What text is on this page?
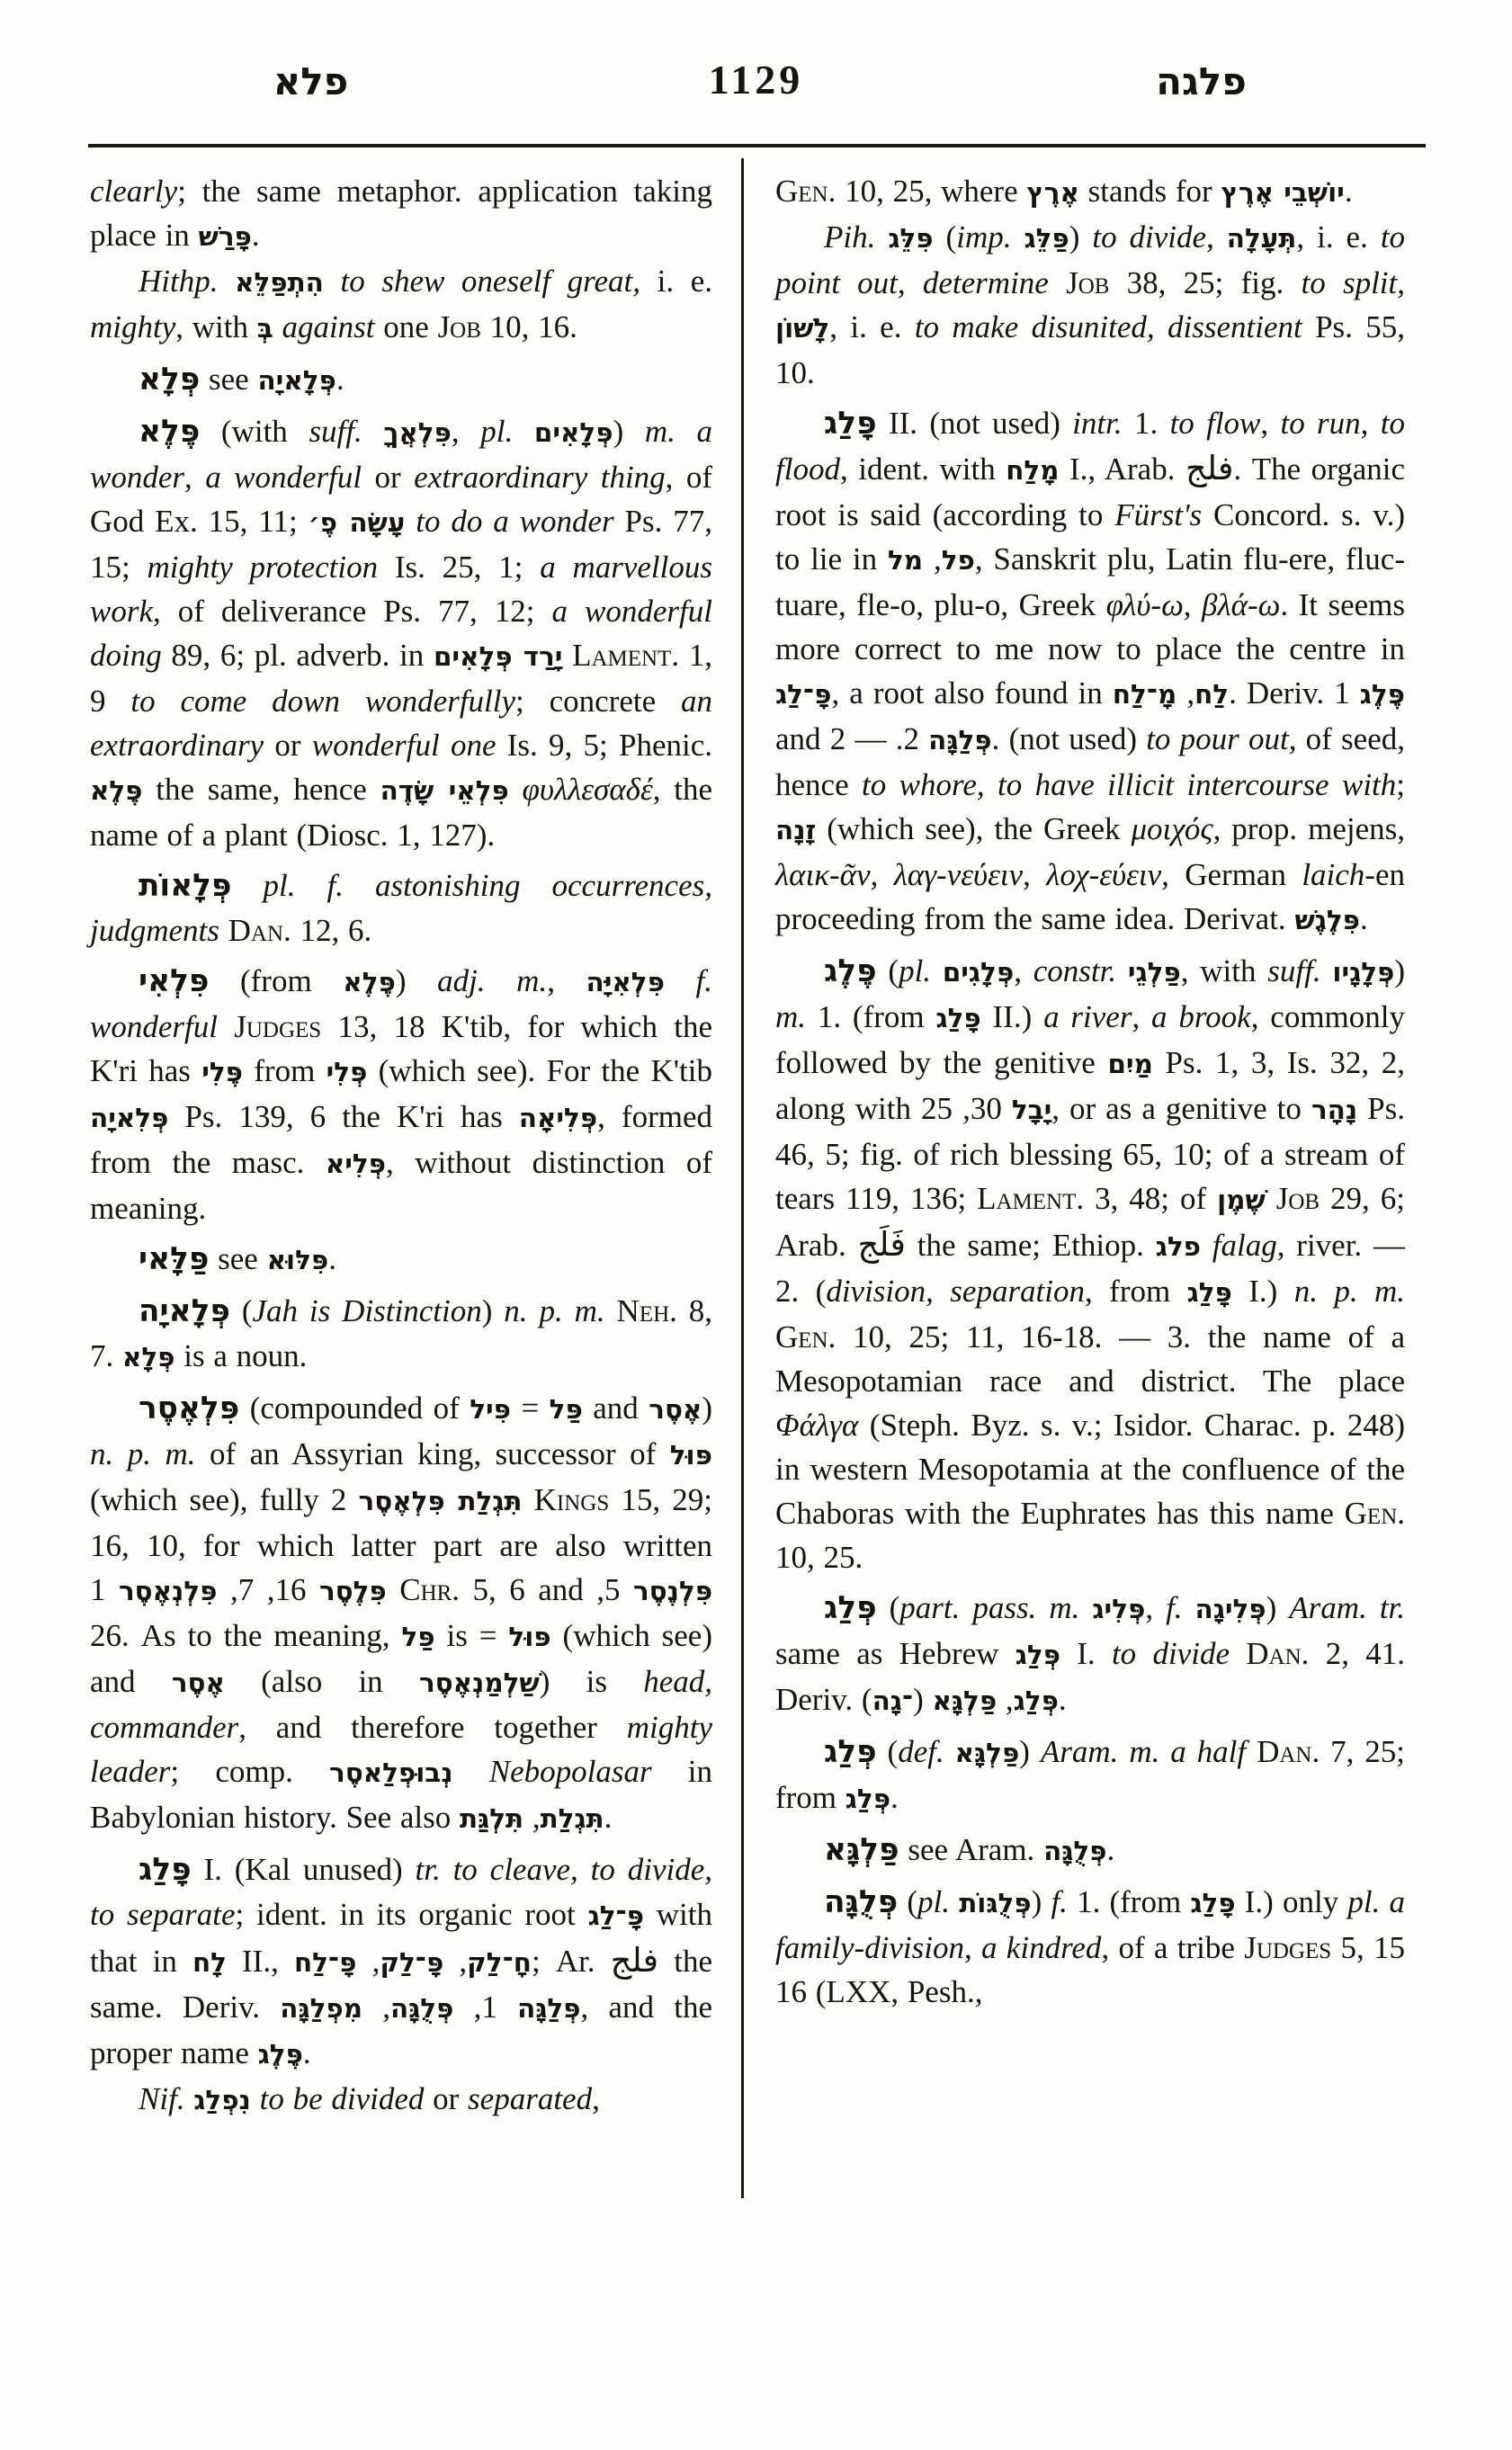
פלא	1129	פלגה

clearly; the same metaphor. application taking place in פָּרַשׁ.

Hithp. הִתְפַּלֵּא to shew oneself great, i. e. mighty, with בְּ against one Job 10, 16.

פְּלָא see פְּלָאיָה.

פֶּלֶא (with suff. פִּלְאֲךָ, pl. פְּלָאִים) m. a wonder, a wonderful or extraordinary thing, of God Ex. 15, 11; עָשָׂה פֶ׳ to do a wonder Ps. 77, 15; mighty protection Is. 25, 1; a marvellous work, of deliverance Ps. 77, 12; a wonderful doing 89, 6; pl. adverb. in יָרַד פְּלָאִים Lament. 1, 9 to come down wonderfully; concrete an extraordinary or wonderful one Is. 9, 5; Phenic. פֶּלֶא the same, hence פִּלְאֵי שָׂדֶה φυλλεσαδέ, the name of a plant (Diosc. 1, 127).

פְּלָאוֹת pl. f. astonishing occurrences, judgments Dan. 12, 6.

פִּלְאִי (from פֶּלֶא) adj. m., פִּלְאִיָּה f. wonderful Judges 13, 18 K'tib, for which the K'ri has פֶּלִי from פְּלִי (which see). For the K'tib פְּלִאיָה Ps. 139, 6 the K'ri has פְּלִיאָה, formed from the masc. פְּלִיא, without distinction of meaning.

פַּלָּאי see פִּלּוּא.

פְּלָאיָה (Jah is Distinction) n. p. m. Neh. 8, 7. פְּלָא is a noun.

פִּלְאֶסֶר (compounded of	פַּל = פִּיל and אֶסֶר) n. p. m. of an Assyrian king, successor of פּוּל (which see), fully תִּגְלַת פִּלְאֶסֶר 2 Kings 15, 29; 16, 10, for which latter part are also written פִּלֶסֶר 16, 7, פִּלְנְאֶסֶר 1 Chr. 5, 6 and פִּלְנֶסֶר 5, 26. As to the meaning, פַּל is = פּוּל (which see) and אֶסֶר (also in שַׁלְמַנְאֶסֶר) is head, commander, and therefore together mighty leader; comp. נְבוּפְלַאסֶר Nebopolasar in Babylonian history. See also	תִּגְלַת, תִּלְגַּת	.

פָּלַג I. (Kal unused) tr. to cleave, to divide, to separate; ident. in its organic root פָּ־לַג with that in לָח II.,	חָ־לַק, פָּ־לַק, פָּ־לַח	; Ar. فلج the same. Deriv.	פְּלַגָּה 1, פְּלֻגָּה, מִפְלַגָּה	, and the proper name פֶּלֶג.

Nif. נִפְלַג to be divided or separated,

Gen. 10, 25, where אֶרֶץ stands for יוֹשְׁבֵי אֶרֶץ.

Pih. פִּלֵּג (imp. פַּלֵּג) to divide, תְּעָלָה, i. e. to point out, determine Job 38, 25; fig. to split, לָשׁוֹן, i. e. to make disunited, dissentient Ps. 55, 10.

פָּלַג II. (not used) intr. 1. to flow, to run, to flood, ident. with מָלַח I., Arab. فلج. The organic root is said (according to Fürst's Concord. s. v.) to lie in פל, מל , Sanskrit plu, Latin flu-ere, fluc-tuare, fle-o, plu-o, Greek φλύ-ω, βλά-ω. It seems more correct to me now to place the centre in פָּ־לַג, a root also found in	לַח, מָ־לַח . Deriv. פֶּלֶג 1 and	פְּלַגָּה 2. — 2. (not used) to pour out, of seed, hence to whore, to have illicit intercourse with; זָנָה (which see), the Greek μοιχός, prop. mejens, λαικ-ᾶν, λαγ-νεύειν, λοχ-εύειν, German laich-en proceeding from the same idea. Derivat. פִּלֶגֶשׁ.

פֶּלֶג (pl. פְּלָגִים, constr. פַּלְגֵי, with suff. פְּלָגָיו) m. 1. (from פָּלַג II.) a river, a brook, commonly followed by the genitive מַיִם Ps. 1, 3, Is. 32, 2, along with	יָבָל 30, 25, or as a genitive to נָהָר Ps. 46, 5; fig. of rich blessing 65, 10; of a stream of tears 119, 136; Lament. 3, 48; of שֶׁמֶן Job 29, 6; Arab. فَلَج the same; Ethiop. פלג falag, river. — 2. (division, separation, from פָּלַג I.) n. p. m. Gen. 10, 25; 11, 16-18. — 3. the name of a Mesopotamian race and district. The place Φάλγα (Steph. Byz. s. v.; Isidor. Charac. p. 248) in western Mesopotamia at the confluence of the Chaboras with the Euphrates has this name Gen. 10, 25.

פְּלַג (part. pass. m. פְּלִיג, f. פְּלִיגָה) Aram. tr. same as Hebrew פְּלַג I. to divide Dan. 2, 41. Deriv.	פְּלַג, פַּלְגָּא (־גָה).

פְּלַג (def. פַּלְגָּא) Aram. m. a half Dan. 7, 25; from פְּלַג.

פַּלְגָּא see Aram. פְּלֻגָּה.

פְּלֻגָּה (pl. פְּלֻגּוֹת) f. 1. (from פָּלַג I.) only pl. a family-division, a kindred, of a tribe Judges 5, 15 16 (LXX, Pesh.,
